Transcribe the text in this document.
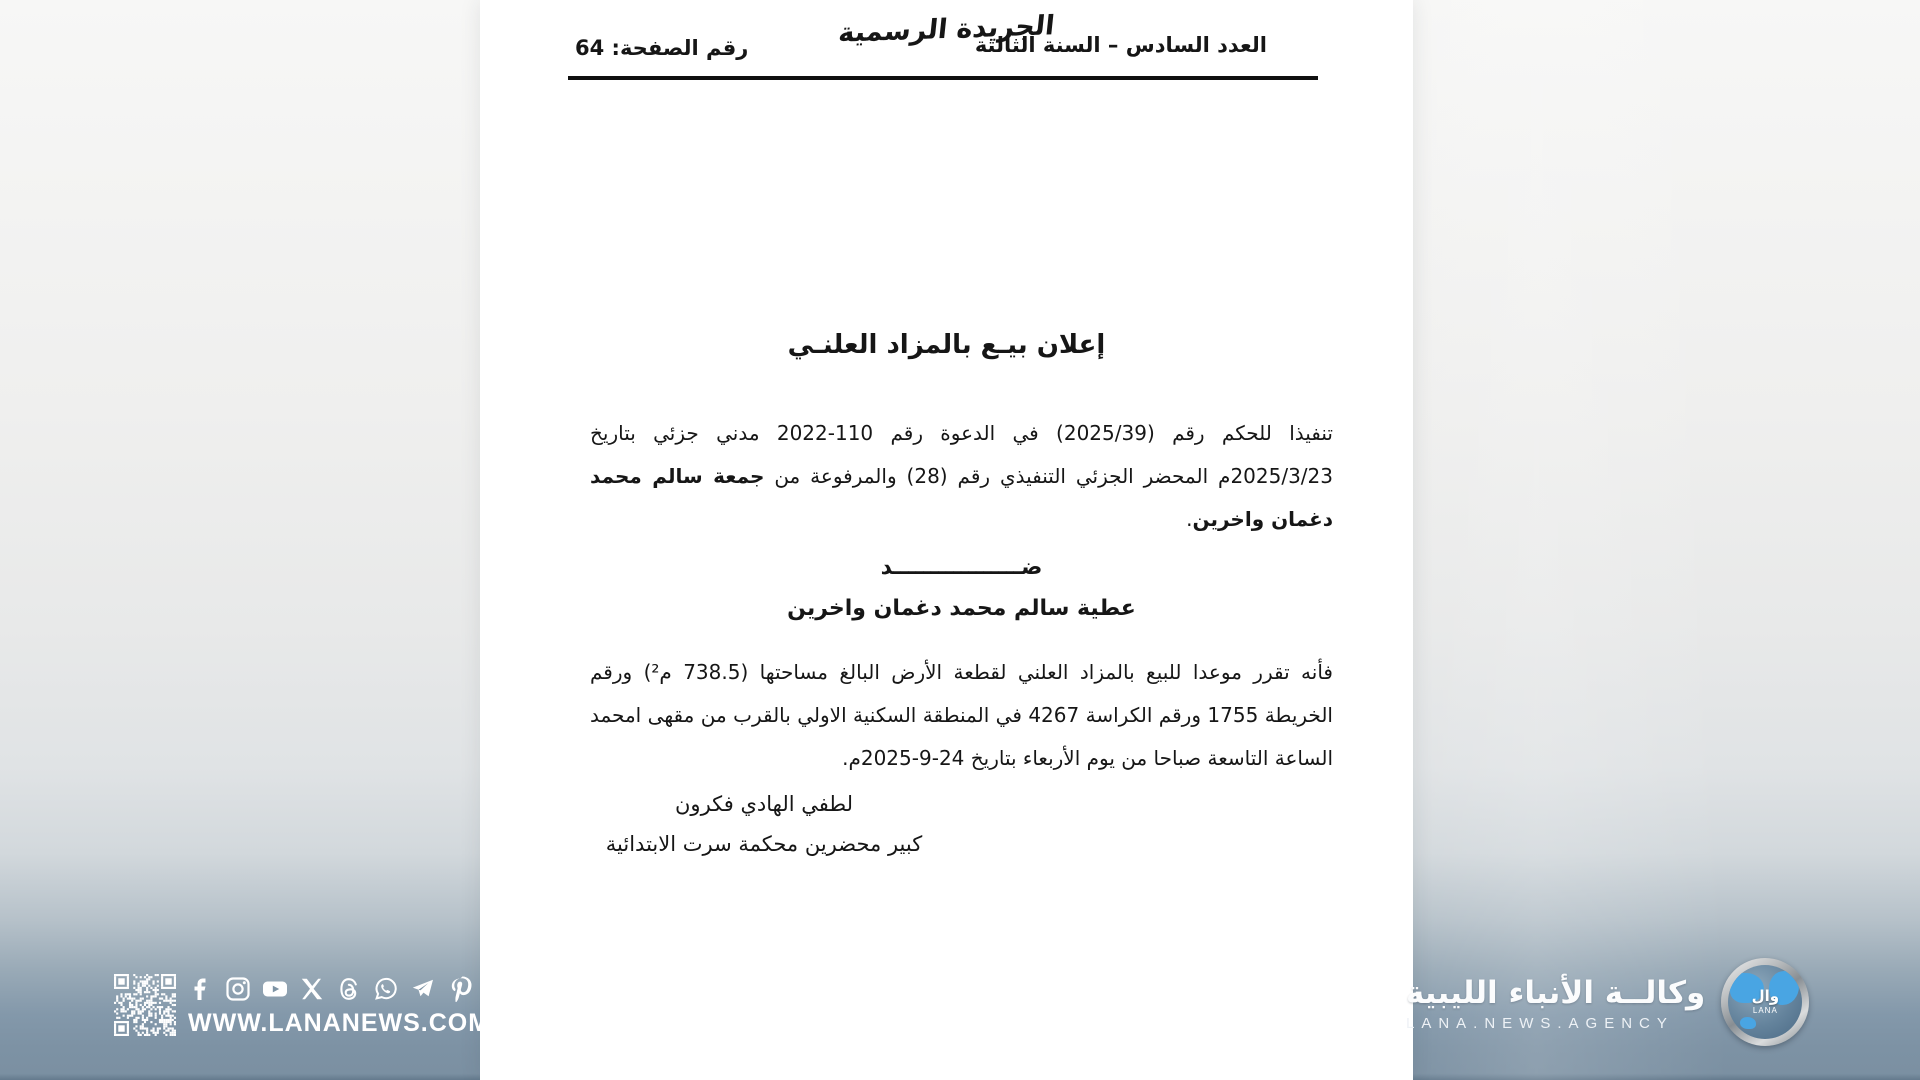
العدد السادس – السنة الثالثة
الجريدة الرسمية
رقم الصفحة: 64
إعلان بيـع بالمزاد العلنـي

تنفيذا للحكم رقم (2025/39) في الدعوة رقم 110-2022 مدني جزئي بتاريخ 2025/3/23م المحضر الجزئي التنفيذي رقم (28) والمرفوعة من جمعة سالم محمد دغمان واخرين.

ضـــــــــــــــــد
عطية سالم محمد دغمان واخرين

فأنه تقرر موعدا للبيع بالمزاد العلني لقطعة الأرض البالغ مساحتها (738.5 م²) ورقم الخريطة 1755 ورقم الكراسة 4267 في المنطقة السكنية الاولي بالقرب من مقهى امحمد الساعة التاسعة صباحا من يوم الأربعاء بتاريخ 24-9-2025م.

لطفي الهادي فكرون
كبير محضرين محكمة سرت الابتدائية
WWW.LANANEWS.COM
وكالــة الأنباء الليبية
LANA.NEWS.AGENCY
وال
LANA
